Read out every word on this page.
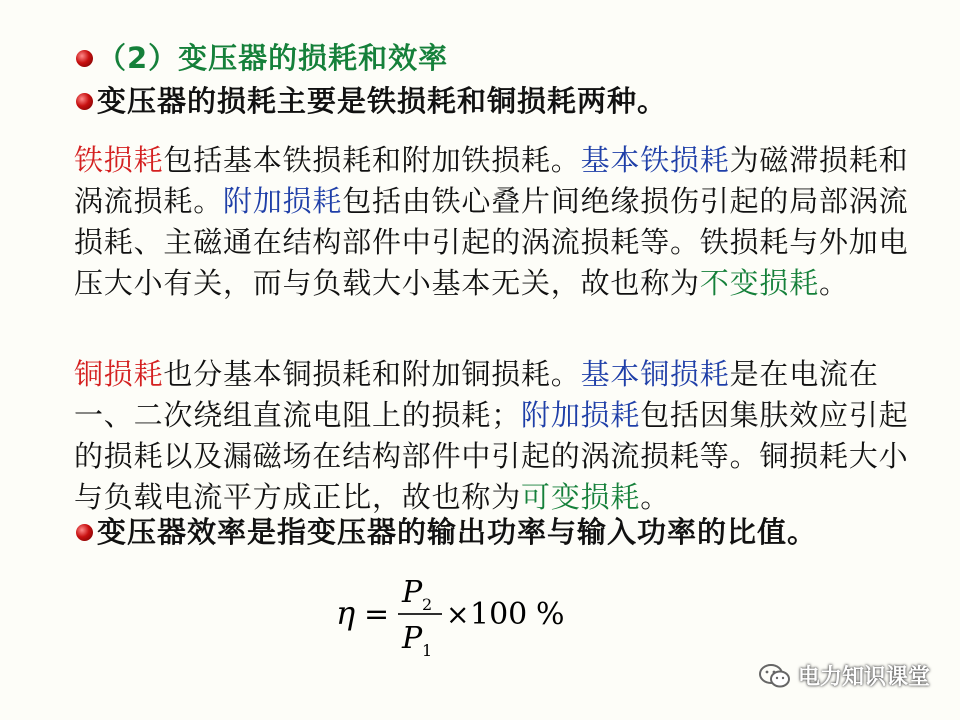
（2）变压器的损耗和效率
变压器的损耗主要是铁损耗和铜损耗两种。

铁损耗包括基本铁损耗和附加铁损耗。基本铁损耗为磁滞损耗和涡流损耗。附加损耗包括由铁心叠片间绝缘损伤引起的局部涡流损耗、主磁通在结构部件中引起的涡流损耗等。铁损耗与外加电压大小有关，而与负载大小基本无关，故也称为不变损耗。

铜损耗也分基本铜损耗和附加铜损耗。基本铜损耗是在电流在一、二次绕组直流电阻上的损耗；附加损耗包括因集肤效应引起的损耗以及漏磁场在结构部件中引起的涡流损耗等。铜损耗大小与负载电流平方成正比，故也称为可变损耗。

变压器效率是指变压器的输出功率与输入功率的比值。
η =
P 2
P 1
× 100 %
电力知识课堂
